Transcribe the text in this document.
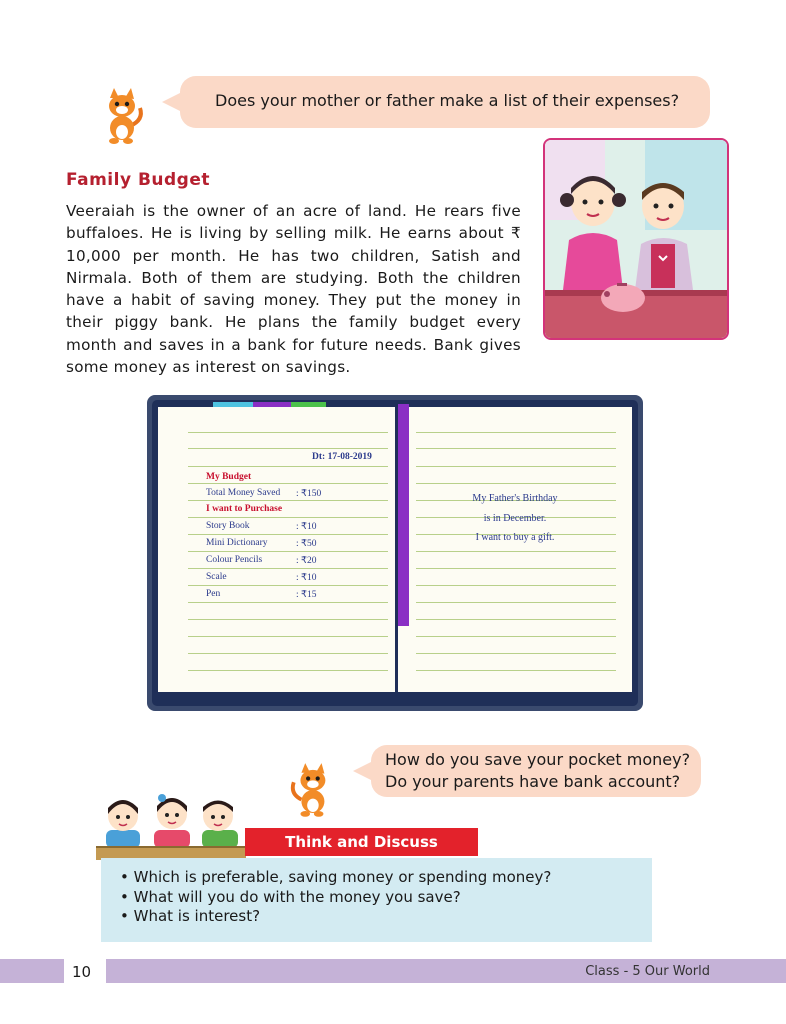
Does your mother or father make a list of their expenses?
Family Budget
Veeraiah is the owner of an acre of land. He rears five buffaloes. He is living by selling milk. He earns about ₹ 10,000 per month. He has two children, Satish and Nirmala. Both of them are studying. Both the children have a habit of saving money. They put the money in their piggy bank. He plans the family budget every month and saves in a bank for future needs. Bank gives some money as interest on savings.
Dt: 17-08-2019
My Budget
Total Money Saved : ₹150
I want to Purchase
Story Book	: ₹10
Mini Dictionary	: ₹50
Colour Pencils	: ₹20
Scale	: ₹10
Pen	: ₹15
My Father's Birthday
is in December.
I want to buy a gift.
How do you save your pocket money?
Do your parents have bank account?
Think and Discuss
• Which is preferable, saving money or spending money?
• What will you do with the money you save?
• What is interest?
10	Class - 5 Our World
